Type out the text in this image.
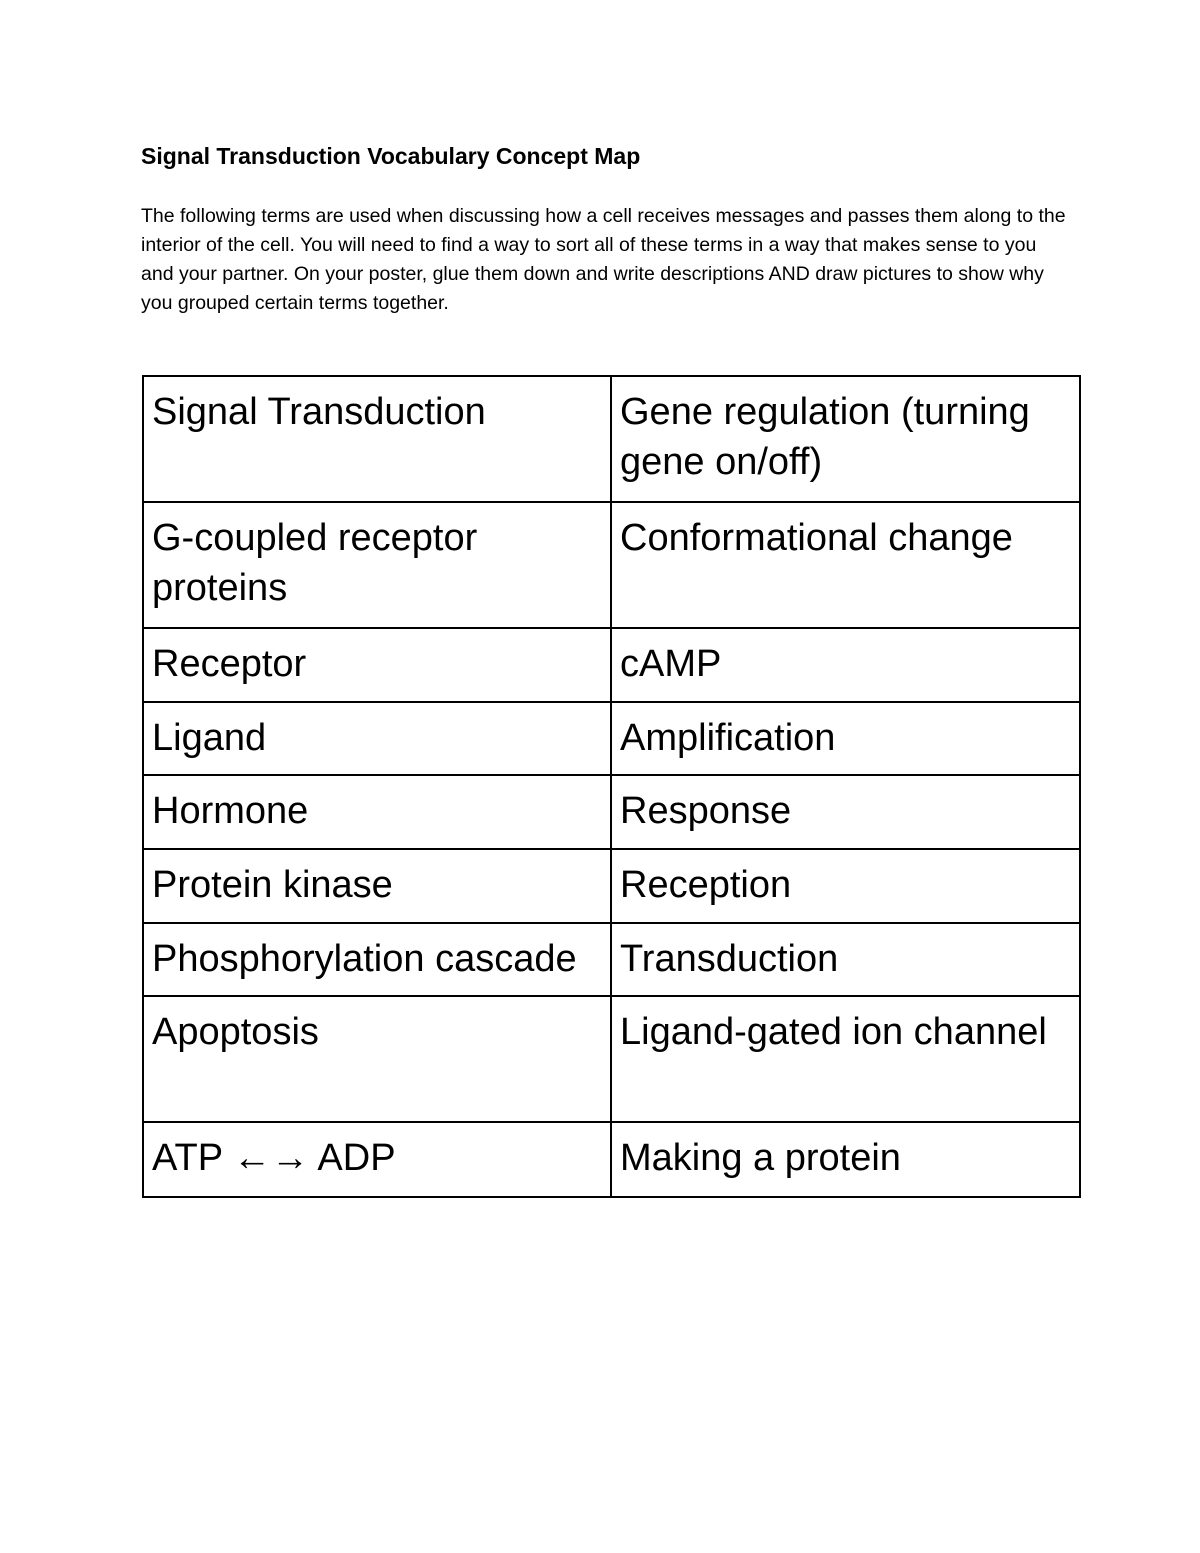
Signal Transduction Vocabulary Concept Map

The following terms are used when discussing how a cell receives messages and passes them along to the interior of the cell. You will need to find a way to sort all of these terms in a way that makes sense to you and your partner. On your poster, glue them down and write descriptions AND draw pictures to show why you grouped certain terms together.

Signal Transduction	Gene regulation (turning gene on/off)
G-coupled receptor proteins	Conformational change
Receptor	cAMP
Ligand	Amplification
Hormone	Response
Protein kinase	Reception
Phosphorylation cascade	Transduction
Apoptosis	Ligand-gated ion channel
ATP ←→ ADP	Making a protein
